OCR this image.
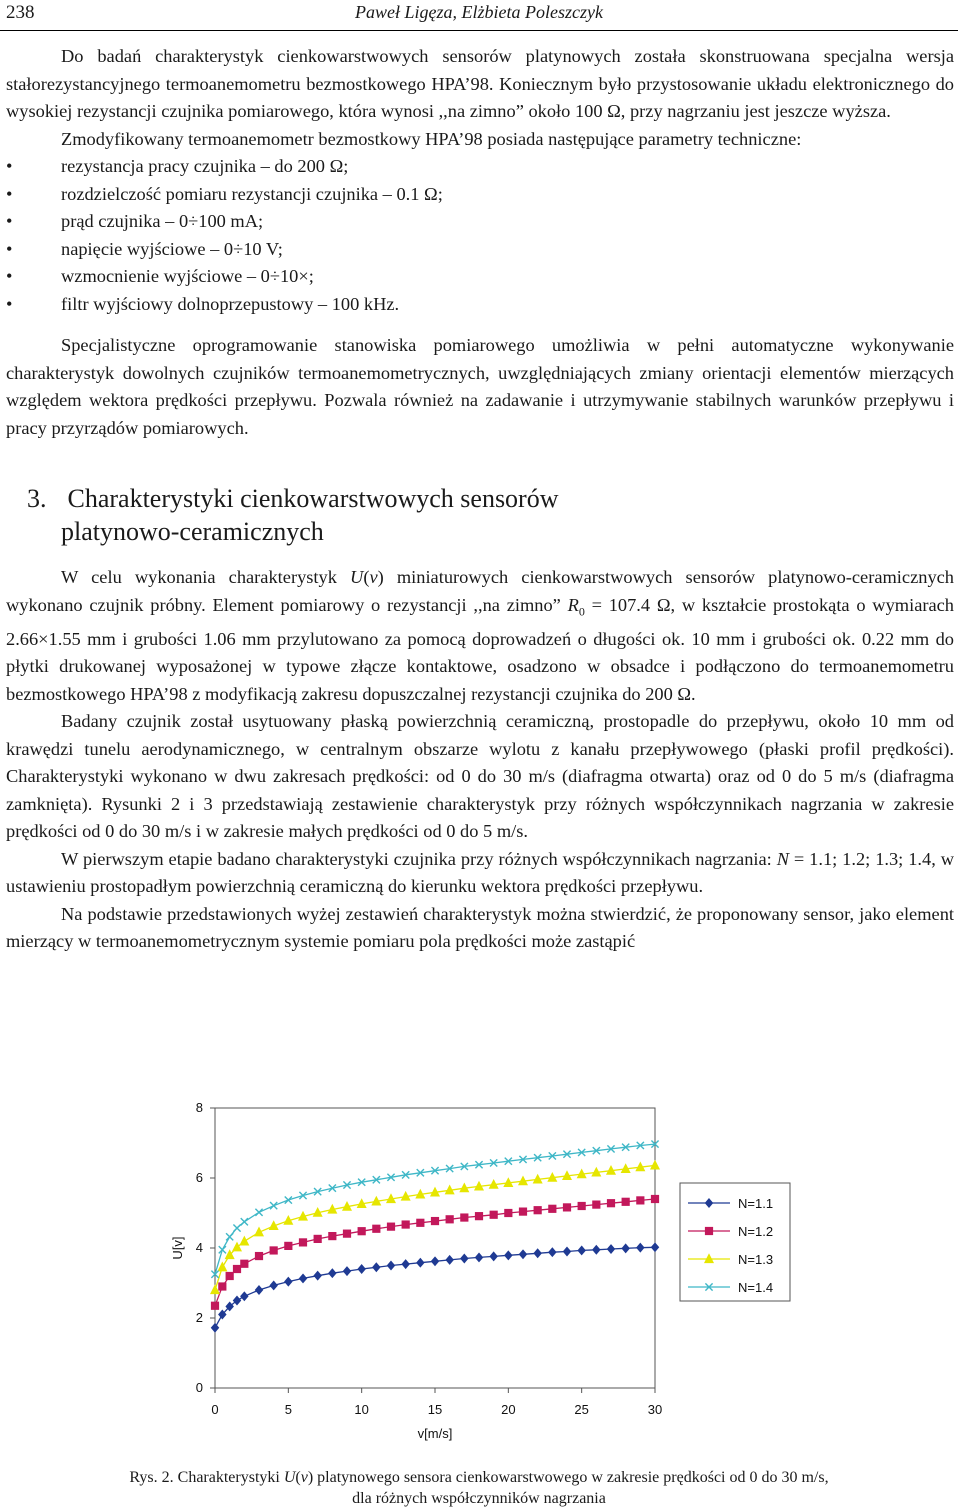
238	Paweł Ligęza, Elżbieta Poleszczyk

Do badań charakterystyk cienkowarstwowych sensorów platynowych została skonstruowana specjalna wersja stałorezystancyjnego termoanemometru bezmostkowego HPA’98. Koniecznym było przystosowanie układu elektronicznego do wysokiej rezystancji czujnika pomiarowego, która wynosi ,,na zimno” około 100 Ω, przy nagrzaniu jest jeszcze wyższa.

Zmodyfikowany termoanemometr bezmostkowy HPA’98 posiada następujące parametry techniczne:

• rezystancja pracy czujnika – do 200 Ω;
• rozdzielczość pomiaru rezystancji czujnika – 0.1 Ω;
• prąd czujnika – 0÷100 mA;
• napięcie wyjściowe – 0÷10 V;
• wzmocnienie wyjściowe – 0÷10×;
• filtr wyjściowy dolnoprzepustowy – 100 kHz.

Specjalistyczne oprogramowanie stanowiska pomiarowego umożliwia w pełni automatyczne wykonywanie charakterystyk dowolnych czujników termoanemometrycznych, uwzględniających zmiany orientacji elementów mierzących względem wektora prędkości przepływu. Pozwala również na zadawanie i utrzymywanie stabilnych warunków przepływu i pracy przyrządów pomiarowych.

3. Charakterystyki cienkowarstwowych sensorów
platynowo-ceramicznych

W celu wykonania charakterystyk U(v) miniaturowych cienkowarstwowych sensorów platynowo-ceramicznych wykonano czujnik próbny. Element pomiarowy o rezystancji ,,na zimno” $R_0 = 107.4$ Ω, w kształcie prostokąta o wymiarach 2.66×1.55 mm i grubości 1.06 mm przylutowano za pomocą doprowadzeń o długości ok. 10 mm i grubości ok. 0.22 mm do płytki drukowanej wyposażonej w typowe złącze kontaktowe, osadzono w obsadce i podłączono do termoanemometru bezmostkowego HPA’98 z modyfikacją zakresu dopuszczalnej rezystancji czujnika do 200 Ω.

Badany czujnik został usytuowany płaską powierzchnią ceramiczną, prostopadle do przepływu, około 10 mm od krawędzi tunelu aerodynamicznego, w centralnym obszarze wylotu z kanału przepływowego (płaski profil prędkości). Charakterystyki wykonano w dwu zakresach prędkości: od 0 do 30 m/s (diafragma otwarta) oraz od 0 do 5 m/s (diafragma zamknięta). Rysunki 2 i 3 przedstawiają zestawienie charakterystyk przy różnych współczynnikach nagrzania w zakresie prędkości od 0 do 30 m/s i w zakresie małych prędkości od 0 do 5 m/s.

W pierwszym etapie badano charakterystyki czujnika przy różnych współczynnikach nagrzania: N = 1.1; 1.2; 1.3; 1.4, w ustawieniu prostopadłym powierzchnią ceramiczną do kierunku wektora prędkości przepływu.

Na podstawie przedstawionych wyżej zestawień charakterystyk można stwierdzić, że proponowany sensor, jako element mierzący w termoanemometrycznym systemie pomiaru pola prędkości może zastąpić

0
2
4
6
8
0	5	10	15	20	25	30
v[m/s]
U[v]
N=1.1
N=1.2
N=1.3
N=1.4
Rys. 2. Charakterystyki U(v) platynowego sensora cienkowarstwowego w zakresie prędkości od 0 do 30 m/s,
dla różnych współczynników nagrzania
